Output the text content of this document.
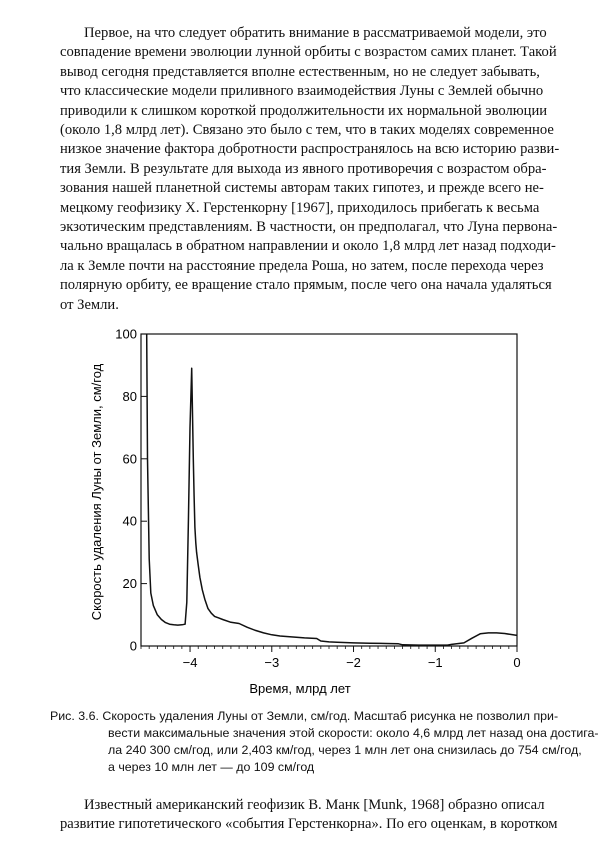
Первое, на что следует обратить внимание в рассматриваемой модели, это
совпадение времени эволюции лунной орбиты с возрастом самих планет. Такой
вывод сегодня представляется вполне естественным, но не следует забывать,
что классические модели приливного взаимодействия Луны с Землей обычно
приводили к слишком короткой продолжительности их нормальной эволюции
(около 1,8 млрд лет). Связано это было с тем, что в таких моделях современное
низкое значение фактора добротности распространялось на всю историю разви-
тия Земли. В результате для выхода из явного противоречия с возрастом обра-
зования нашей планетной системы авторам таких гипотез, и прежде всего не-
мецкому геофизику Х. Герстенкорну [1967], приходилось прибегать к весьма
экзотическим представлениям. В частности, он предполагал, что Луна первона-
чально вращалась в обратном направлении и около 1,8 млрд лет назад подходи-
ла к Земле почти на расстояние предела Роша, но затем, после перехода через
полярную орбиту, ее вращение стало прямым, после чего она начала удаляться
от Земли.
0
20
40
60
80
100
−4	−3	−2	−1	0
Время, млрд лет
Скорость удаления Луны от Земли, см/год
Рис. 3.6. Скорость удаления Луны от Земли, см/год. Масштаб рисунка не позволил при-
вести максимальные значения этой скорости: около 4,6 млрд лет назад она достига-
ла 240 300 см/год, или 2,403 км/год, через 1 млн лет она снизилась до 754 см/год,
а через 10 млн лет — до 109 см/год
Известный американский геофизик В. Манк [Munk, 1968] образно описал
развитие гипотетического «события Герстенкорна». По его оценкам, в коротком
